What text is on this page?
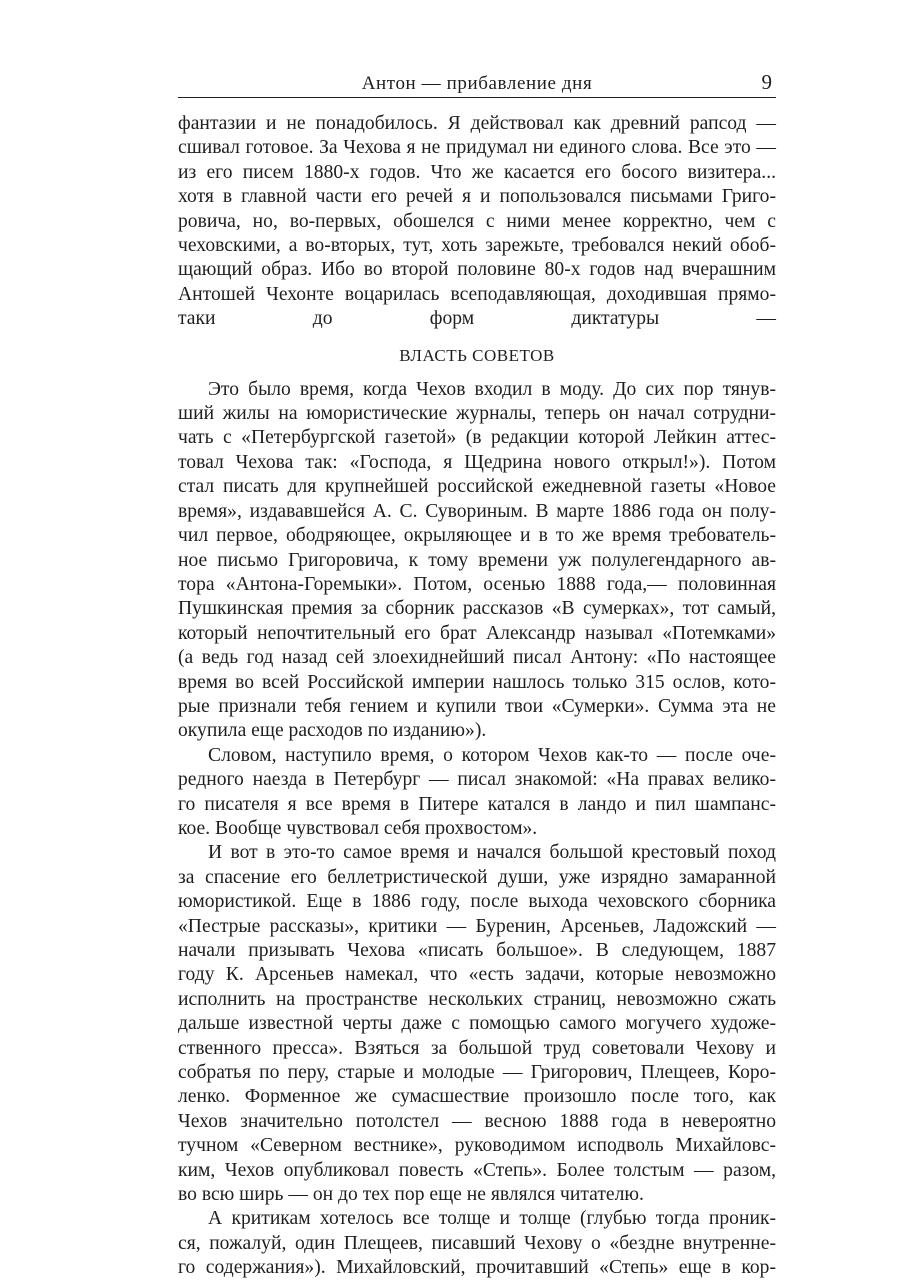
Антон — прибавление дня	9
фантазии и не понадобилось. Я действовал как древний рапсод —
сшивал готовое. За Чехова я не придумал ни единого слова. Все это —
из его писем 1880-х годов. Что же касается его босого визитера...
хотя в главной части его речей я и попользовался письмами Григо-
ровича, но, во-первых, обошелся с ними менее корректно, чем с
чеховскими, а во-вторых, тут, хоть зарежьте, требовался некий обоб-
щающий образ. Ибо во второй половине 80-х годов над вчерашним
Антошей Чехонте воцарилась всеподавляющая, доходившая прямо-
таки до форм диктатуры —
ВЛАСТЬ СОВЕТОВ
Это было время, когда Чехов входил в моду. До сих пор тянув-
ший жилы на юмористические журналы, теперь он начал сотрудни-
чать с «Петербургской газетой» (в редакции которой Лейкин аттес-
товал Чехова так: «Господа, я Щедрина нового открыл!»). Потом
стал писать для крупнейшей российской ежедневной газеты «Новое
время», издававшейся А. С. Сувориным. В марте 1886 года он полу-
чил первое, ободряющее, окрыляющее и в то же время требователь-
ное письмо Григоровича, к тому времени уж полулегендарного ав-
тора «Антона-Горемыки». Потом, осенью 1888 года,— половинная
Пушкинская премия за сборник рассказов «В сумерках», тот самый,
который непочтительный его брат Александр называл «Потемками»
(а ведь год назад сей злоехиднейший писал Антону: «По настоящее
время во всей Российской империи нашлось только 315 ослов, кото-
рые признали тебя гением и купили твои «Сумерки». Сумма эта не
окупила еще расходов по изданию»).
Словом, наступило время, о котором Чехов как-то — после оче-
редного наезда в Петербург — писал знакомой: «На правах велико-
го писателя я все время в Питере катался в ландо и пил шампанс-
кое. Вообще чувствовал себя прохвостом».
И вот в это-то самое время и начался большой крестовый поход
за спасение его беллетристической души, уже изрядно замаранной
юмористикой. Еще в 1886 году, после выхода чеховского сборника
«Пестрые рассказы», критики — Буренин, Арсеньев, Ладожский —
начали призывать Чехова «писать большое». В следующем, 1887
году К. Арсеньев намекал, что «есть задачи, которые невозможно
исполнить на пространстве нескольких страниц, невозможно сжать
дальше известной черты даже с помощью самого могучего художе-
ственного пресса». Взяться за большой труд советовали Чехову и
собратья по перу, старые и молодые — Григорович, Плещеев, Коро-
ленко. Форменное же сумасшествие произошло после того, как
Чехов значительно потолстел — весною 1888 года в невероятно
тучном «Северном вестнике», руководимом исподволь Михайловс-
ким, Чехов опубликовал повесть «Степь». Более толстым — разом,
во всю ширь — он до тех пор еще не являлся читателю.
А критикам хотелось все толще и толще (глубью тогда проник-
ся, пожалуй, один Плещеев, писавший Чехову о «бездне внутренне-
го содержания»). Михайловский, прочитавший «Степь» еще в кор-
